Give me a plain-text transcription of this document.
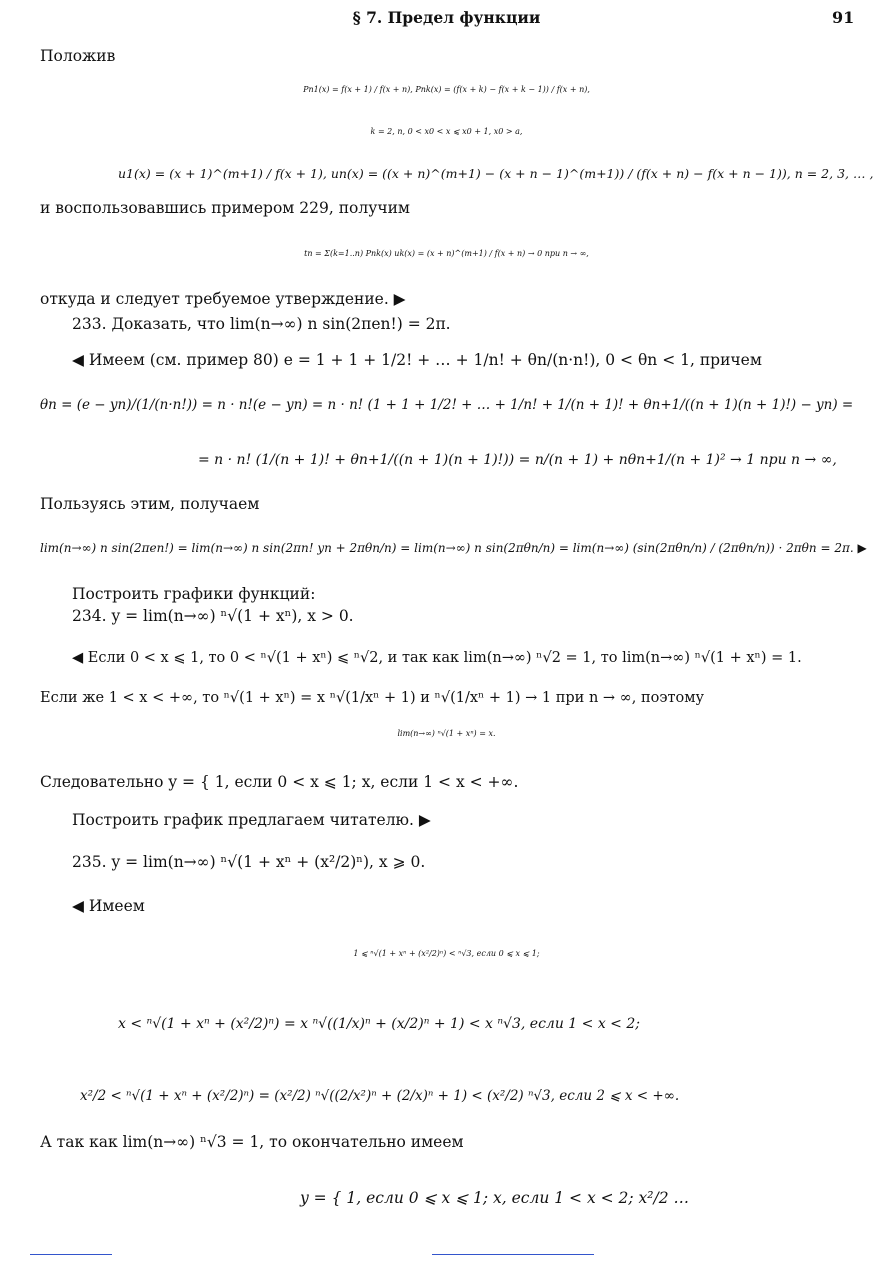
§ 7. Предел функции	91
Положив
Pn1(x) = f(x + 1) / f(x + n), Pnk(x) = (f(x + k) − f(x + k − 1)) / f(x + n),
k = 2, n, 0 < x0 < x ⩽ x0 + 1, x0 > a,
u1(x) = (x + 1)^(m+1) / f(x + 1), un(x) = ((x + n)^(m+1) − (x + n − 1)^(m+1)) / (f(x + n) − f(x + n − 1)), n = 2, 3, … ,
и воспользовавшись примером 229, получим
tn = Σ(k=1..n) Pnk(x) uk(x) = (x + n)^(m+1) / f(x + n) → 0 при n → ∞,
откуда и следует требуемое утверждение. ▶
233. Доказать, что lim(n→∞) n sin(2πen!) = 2π.
◀ Имеем (см. пример 80) e = 1 + 1 + 1/2! + … + 1/n! + θn/(n·n!), 0 < θn < 1, причем
θn = (e − yn)/(1/(n·n!)) = n · n!(e − yn) = n · n! (1 + 1 + 1/2! + … + 1/n! + 1/(n + 1)! + θn+1/((n + 1)(n + 1)!) − yn) =
= n · n! (1/(n + 1)! + θn+1/((n + 1)(n + 1)!)) = n/(n + 1) + nθn+1/(n + 1)² → 1 при n → ∞,
Пользуясь этим, получаем
lim(n→∞) n sin(2πen!) = lim(n→∞) n sin(2πn! yn + 2πθn/n) = lim(n→∞) n sin(2πθn/n) = lim(n→∞) (sin(2πθn/n) / (2πθn/n)) · 2πθn = 2π. ▶
Построить графики функций:
234. y = lim(n→∞) ⁿ√(1 + xⁿ), x > 0.
◀ Если 0 < x ⩽ 1, то 0 < ⁿ√(1 + xⁿ) ⩽ ⁿ√2, и так как lim(n→∞) ⁿ√2 = 1, то lim(n→∞) ⁿ√(1 + xⁿ) = 1.
Если же 1 < x < +∞, то ⁿ√(1 + xⁿ) = x ⁿ√(1/xⁿ + 1) и ⁿ√(1/xⁿ + 1) → 1 при n → ∞, поэтому
lim(n→∞) ⁿ√(1 + xⁿ) = x.
Следовательно y = { 1, если 0 < x ⩽ 1; x, если 1 < x < +∞.
Построить график предлагаем читателю. ▶
235. y = lim(n→∞) ⁿ√(1 + xⁿ + (x²/2)ⁿ), x ⩾ 0.
◀ Имеем
1 ⩽ ⁿ√(1 + xⁿ + (x²/2)ⁿ) < ⁿ√3, если 0 ⩽ x ⩽ 1;
x < ⁿ√(1 + xⁿ + (x²/2)ⁿ) = x ⁿ√((1/x)ⁿ + (x/2)ⁿ + 1) < x ⁿ√3, если 1 < x < 2;
x²/2 < ⁿ√(1 + xⁿ + (x²/2)ⁿ) = (x²/2) ⁿ√((2/x²)ⁿ + (2/x)ⁿ + 1) < (x²/2) ⁿ√3, если 2 ⩽ x < +∞.
А так как lim(n→∞) ⁿ√3 = 1, то окончательно имеем
y = { 1, если 0 ⩽ x ⩽ 1; x, если 1 < x < 2; x²/2 …
